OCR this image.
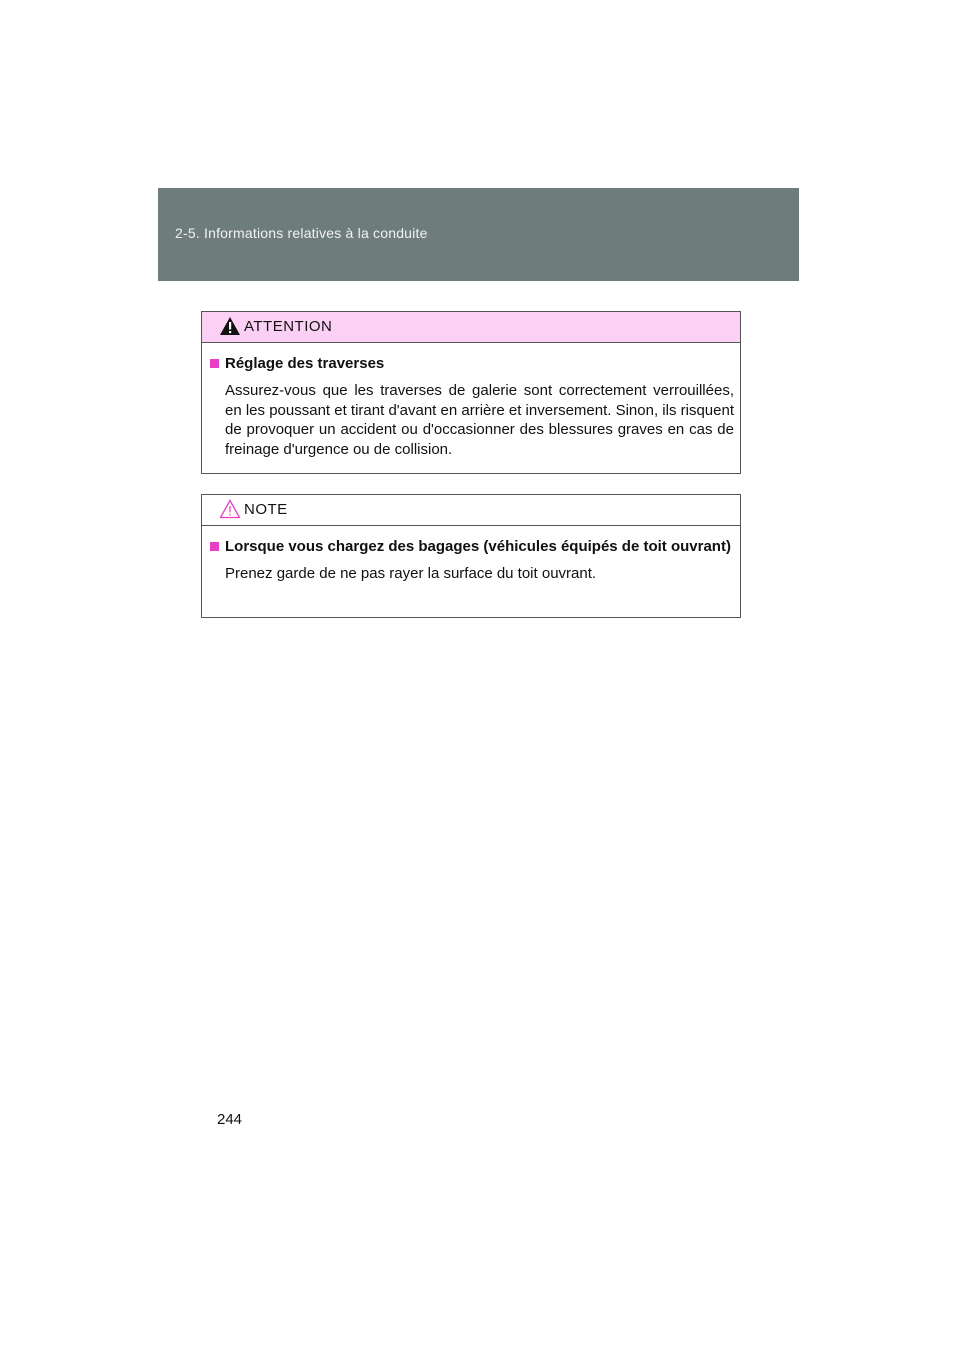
2-5. Informations relatives à la conduite
ATTENTION
Réglage des traverses
Assurez-vous que les traverses de galerie sont correctement verrouillées, en les poussant et tirant d'avant en arrière et inversement. Sinon, ils risquent de provoquer un accident ou d'occasionner des blessures graves en cas de freinage d'urgence ou de collision.
NOTE
Lorsque vous chargez des bagages (véhicules équipés de toit ouvrant)
Prenez garde de ne pas rayer la surface du toit ouvrant.
244
